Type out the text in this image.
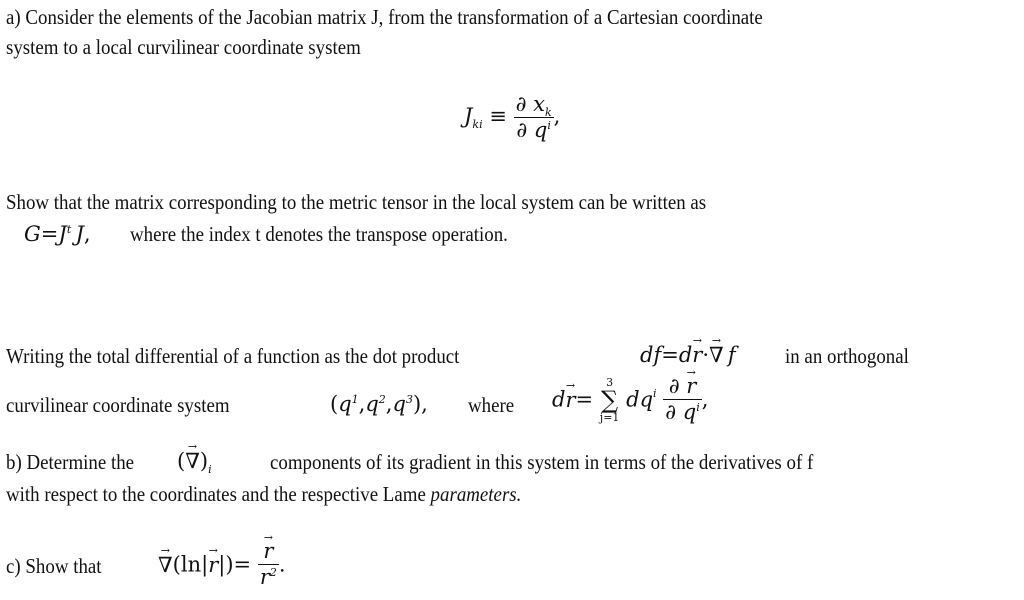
a) Consider the elements of the Jacobian matrix J, from the transformation of a Cartesian coordinate
system to a local curvilinear coordinate system
$J_{ki} \equiv \frac{\partial x_k}{\partial q^i}$ ,
Show that the matrix corresponding to the metric tensor in the local system can be written as
$G=J^t$  J, where the index t denotes the transpose operation.
Writing the total differential of a function as the dot product	df=d→ r·→ ∇  f in an orthogonal
curvilinear coordinate system	$(q^1,q^2,q^3)$, where d→ r=
3
∑
j=1
$dq^i \frac{\partial \to r}{\partial q^i}$ ,
b) Determine the (→ $\nabla)_i$	components of its gradient in this system in terms of the derivatives of f
with respect to the coordinates and the respective Lame parameters.
c) Show that
→	∇(ln|→ r|)=
→ $\frac{r}{r^2}$ .
